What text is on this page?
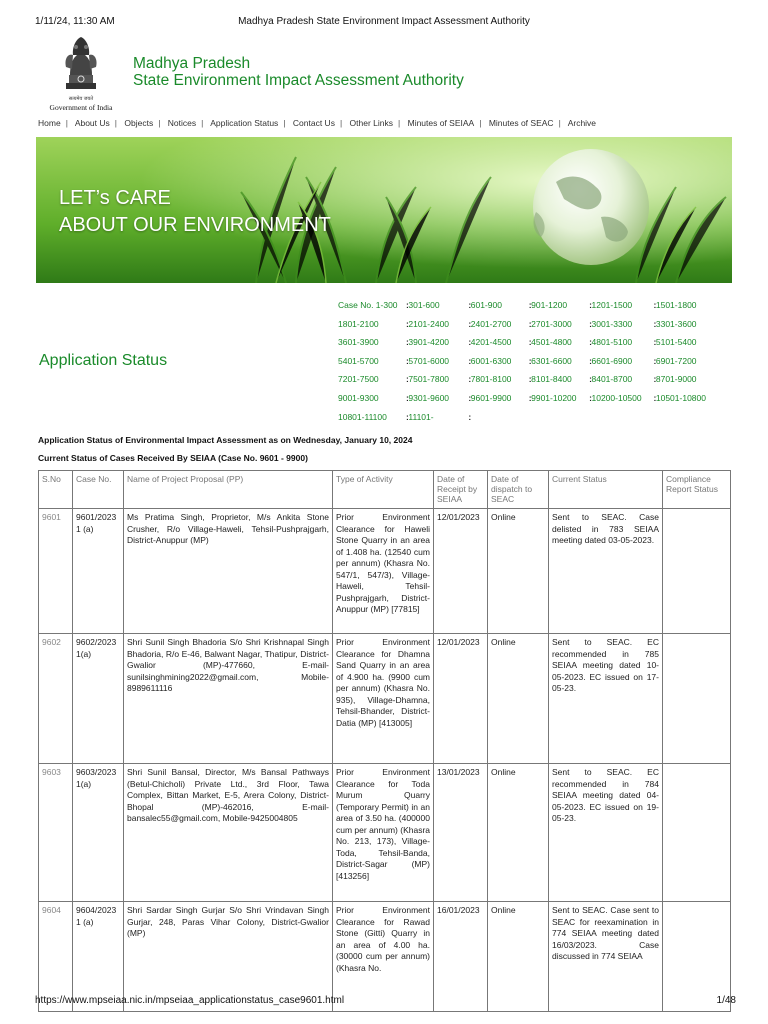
1/11/24, 11:30 AM	Madhya Pradesh State Environment Impact Assessment Authority
सत्यमेव जयते
Government of India
Madhya Pradesh
State Environment Impact Assessment Authority
Home | About Us | Objects | Notices | Application Status | Contact Us | Other Links | Minutes of SEIAA | Minutes of SEAC | Archive
LET’s CARE
ABOUT OUR ENVIRONMENT
Application Status
Case No. 1-300 : 301-600	: 601-900	: 901-1200	: 1201-1500	: 1501-1800
1801-2100	: 2101-2400 : 2401-2700 : 2701-3000 : 3001-3300	: 3301-3600
3601-3900	: 3901-4200 : 4201-4500 : 4501-4800 : 4801-5100	: 5101-5400
5401-5700	: 5701-6000 : 6001-6300 : 6301-6600 : 6601-6900	: 6901-7200
7201-7500	: 7501-7800 : 7801-8100 : 8101-8400 : 8401-8700	: 8701-9000
9001-9300	: 9301-9600 : 9601-9900 : 9901-10200 : 10200-10500 : 10501-10800
10801-11100 : 11101-	:
Application Status of Environmental Impact Assessment as on Wednesday, January 10, 2024
Current Status of Cases Received By SEIAA (Case No. 9601 - 9900)
S.No	Case No.	Name of Project Proposal (PP)	Type of Activity	Date of Receipt by SEIAA	Date of dispatch to SEAC	Current Status	Compliance Report Status
9601	9601/2023 1 (a)	Ms Pratima Singh, Proprietor, M/s Ankita Stone Crusher, R/o Village-Haweli, Tehsil-Pushprajgarh, District-Anuppur (MP)	Prior Environment Clearance for Haweli Stone Quarry in an area of 1.408 ha. (12540 cum per annum) (Khasra No. 547/1, 547/3), Village-Haweli, Tehsil-Pushprajgarh, District-Anuppur (MP) [77815]	12/01/2023	Online	Sent to SEAC. Case delisted in 783 SEIAA meeting dated 03-05-2023.	
9602	9602/2023 1(a)	Shri Sunil Singh Bhadoria S/o Shri Krishnapal Singh Bhadoria, R/o E-46, Balwant Nagar, Thatipur, District-Gwalior (MP)-477660, E-mail-sunilsinghmining2022@gmail.com, Mobile-8989611116	Prior Environment Clearance for Dhamna Sand Quarry in an area of 4.900 ha. (9900 cum per annum) (Khasra No. 935), Village-Dhamna, Tehsil-Bhander, District-Datia (MP) [413005]	12/01/2023	Online	Sent to SEAC. EC recommended in 785 SEIAA meeting dated 10-05-2023. EC issued on 17-05-23.	
9603	9603/2023 1(a)	Shri Sunil Bansal, Director, M/s Bansal Pathways (Betul-Chicholi) Private Ltd., 3rd Floor, Tawa Complex, Bittan Market, E-5, Arera Colony, District-Bhopal (MP)-462016, E-mail-bansalec55@gmail.com, Mobile-9425004805	Prior Environment Clearance for Toda Murum Quarry (Temporary Permit) in an area of 3.50 ha. (400000 cum per annum) (Khasra No. 213, 173), Village-Toda, Tehsil-Banda, District-Sagar (MP) [413256]	13/01/2023	Online	Sent to SEAC. EC recommended in 784 SEIAA meeting dated 04-05-2023. EC issued on 19-05-23.	
9604	9604/2023 1 (a)	Shri Sardar Singh Gurjar S/o Shri Vrindavan Singh Gurjar, 248, Paras Vihar Colony, District-Gwalior (MP)	Prior Environment Clearance for Rawad Stone (Gitti) Quarry in an area of 4.00 ha. (30000 cum per annum) (Khasra No.	16/01/2023	Online	Sent to SEAC. Case sent to SEAC for reexamination in 774 SEIAA meeting dated 16/03/2023. Case discussed in 774 SEIAA	
https://www.mpseiaa.nic.in/mpseiaa_applicationstatus_case9601.html	1/48
